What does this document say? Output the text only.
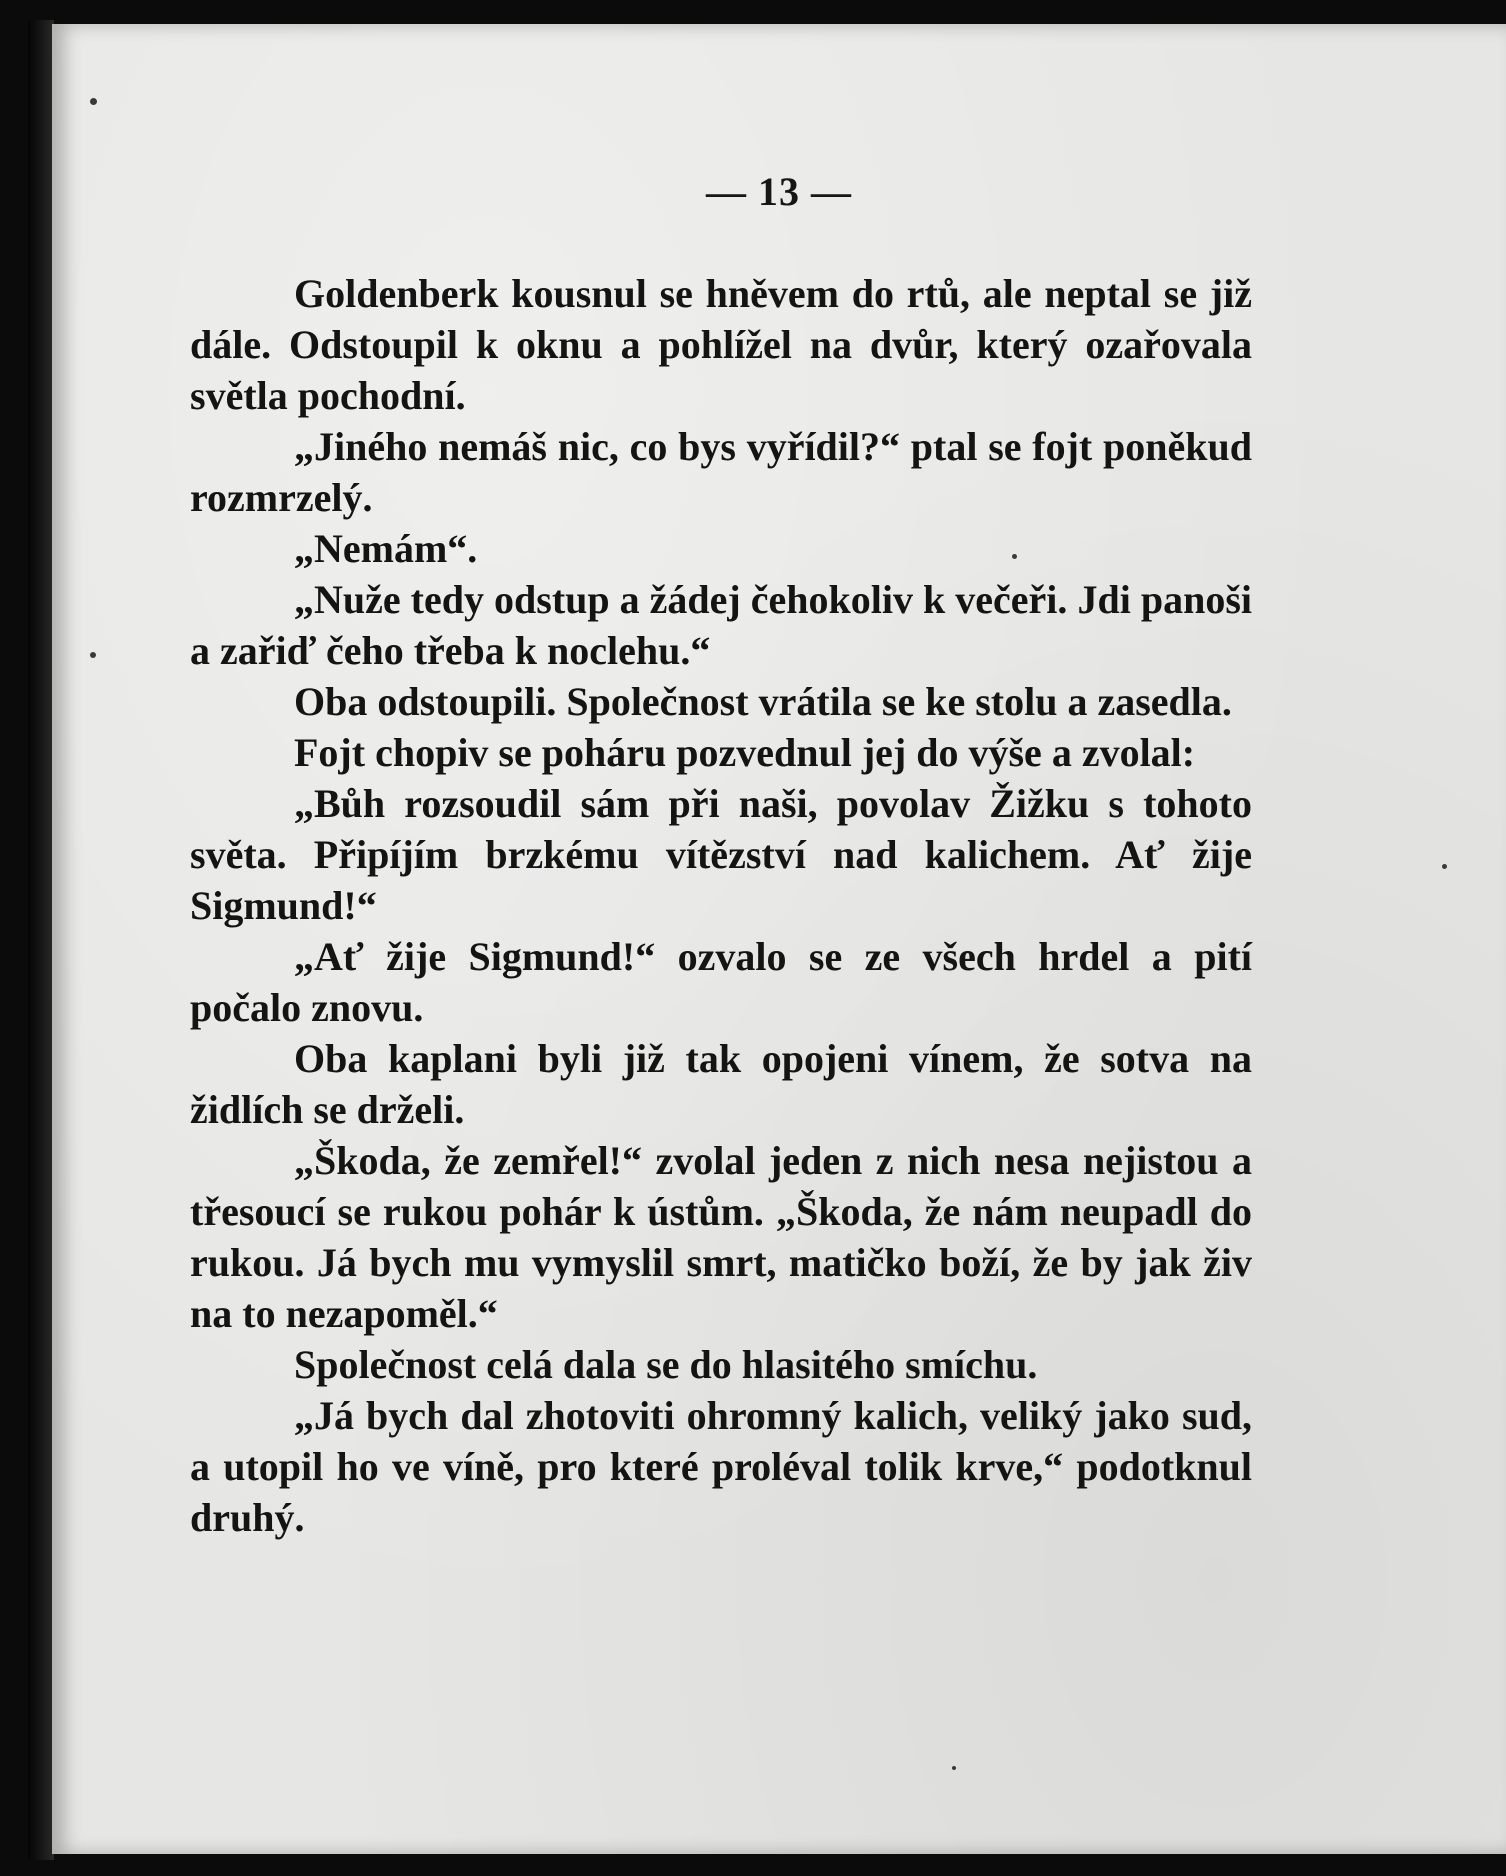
— 13 —

Goldenberk kousnul se hněvem do rtů, ale neptal se již dále. Odstoupil k oknu a pohlížel na dvůr, který ozařovala světla pochodní.

„Jiného nemáš nic, co bys vyřídil?“ ptal se fojt poněkud rozmrzelý.

„Nemám“.

„Nuže tedy odstup a žádej čehokoliv k večeři. Jdi panoši a zařiď čeho třeba k noclehu.“

Oba odstoupili. Společnost vrátila se ke stolu a zasedla.

Fojt chopiv se poháru pozvednul jej do výše a zvolal:

„Bůh rozsoudil sám při naši, povolav Žižku s tohoto světa. Připíjím brzkému vítězství nad kalichem. Ať žije Sigmund!“

„Ať žije Sigmund!“ ozvalo se ze všech hrdel a pití počalo znovu.

Oba kaplani byli již tak opojeni vínem, že sotva na židlích se drželi.

„Škoda, že zemřel!“ zvolal jeden z nich nesa nejistou a třesoucí se rukou pohár k ústům. „Škoda, že nám neupadl do rukou. Já bych mu vymyslil smrt, matičko boží, že by jak živ na to nezapoměl.“

Společnost celá dala se do hlasitého smíchu.

„Já bych dal zhotoviti ohromný kalich, veliký jako sud, a utopil ho ve víně, pro které proléval tolik krve,“ podotknul druhý.
